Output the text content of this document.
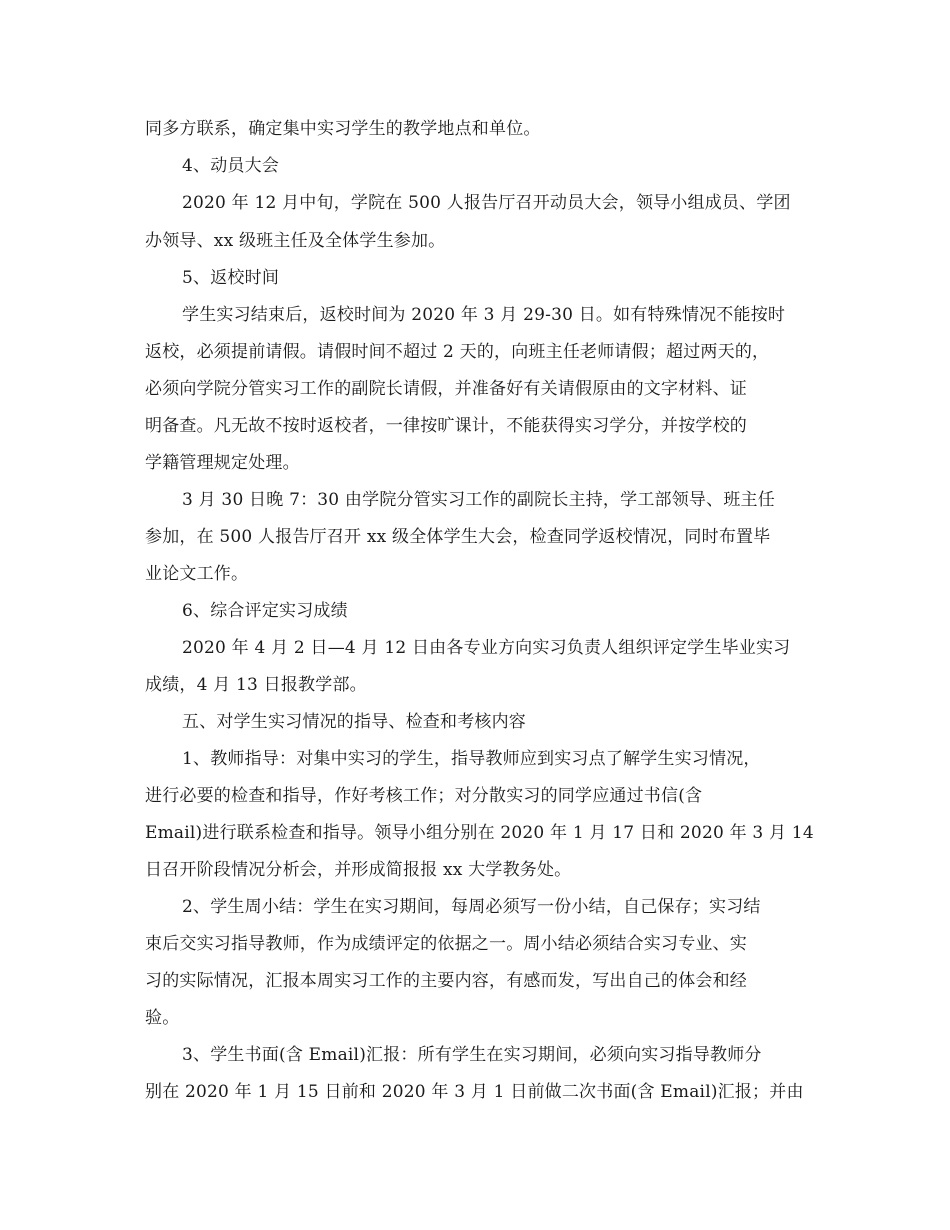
同多方联系，确定集中实习学生的教学地点和单位。
4、动员大会
2020 年 12 月中旬，学院在 500 人报告厅召开动员大会，领导小组成员、学团
办领导、xx 级班主任及全体学生参加。
5、返校时间
学生实习结束后，返校时间为 2020 年 3 月 29-30 日。如有特殊情况不能按时
返校，必须提前请假。请假时间不超过 2 天的，向班主任老师请假；超过两天的，
必须向学院分管实习工作的副院长请假，并准备好有关请假原由的文字材料、证
明备查。凡无故不按时返校者，一律按旷课计，不能获得实习学分，并按学校的
学籍管理规定处理。
3 月 30 日晚 7：30 由学院分管实习工作的副院长主持，学工部领导、班主任
参加，在 500 人报告厅召开 xx 级全体学生大会，检查同学返校情况，同时布置毕
业论文工作。
6、综合评定实习成绩
2020 年 4 月 2 日—4 月 12 日由各专业方向实习负责人组织评定学生毕业实习
成绩，4 月 13 日报教学部。
五、对学生实习情况的指导、检查和考核内容
1、教师指导：对集中实习的学生，指导教师应到实习点了解学生实习情况，
进行必要的检查和指导，作好考核工作；对分散实习的同学应通过书信(含
Email)进行联系检查和指导。领导小组分别在 2020 年 1 月 17 日和 2020 年 3 月 14
日召开阶段情况分析会，并形成简报报 xx 大学教务处。
2、学生周小结：学生在实习期间，每周必须写一份小结，自己保存；实习结
束后交实习指导教师，作为成绩评定的依据之一。周小结必须结合实习专业、实
习的实际情况，汇报本周实习工作的主要内容，有感而发，写出自己的体会和经
验。
3、学生书面(含 Email)汇报：所有学生在实习期间，必须向实习指导教师分
别在 2020 年 1 月 15 日前和 2020 年 3 月 1 日前做二次书面(含 Email)汇报；并由
